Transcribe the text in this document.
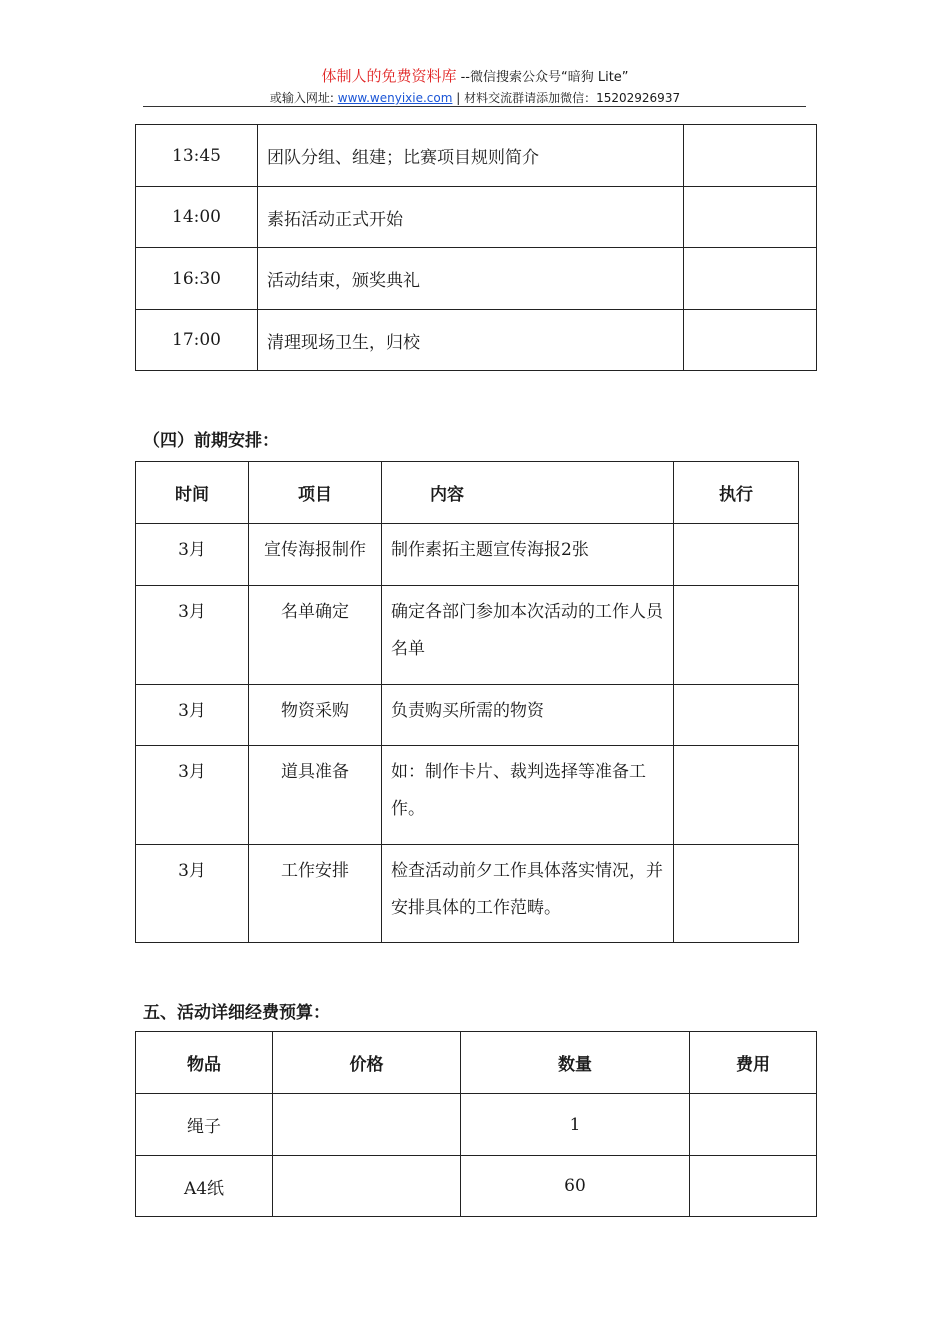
体制人的免费资料库 --微信搜索公众号“暗狗 Lite”
或输入网址: www.wenyixie.com | 材料交流群请添加微信：15202926937
13:45	团队分组、组建；比赛项目规则简介	
14:00	素拓活动正式开始	
16:30	活动结束，颁奖典礼	
17:00	清理现场卫生，归校	
（四）前期安排：
时间	项目	内容	执行
3月	宣传海报制作	制作素拓主题宣传海报2张	
3月	名单确定	确定各部门参加本次活动的工作人员名单	
3月	物资采购	负责购买所需的物资	
3月	道具准备	如：制作卡片、裁判选择等准备工作。	
3月	工作安排	检查活动前夕工作具体落实情况，并安排具体的工作范畴。	
五、活动详细经费预算：
物品	价格	数量	费用
绳子		1	
A4纸		60	
